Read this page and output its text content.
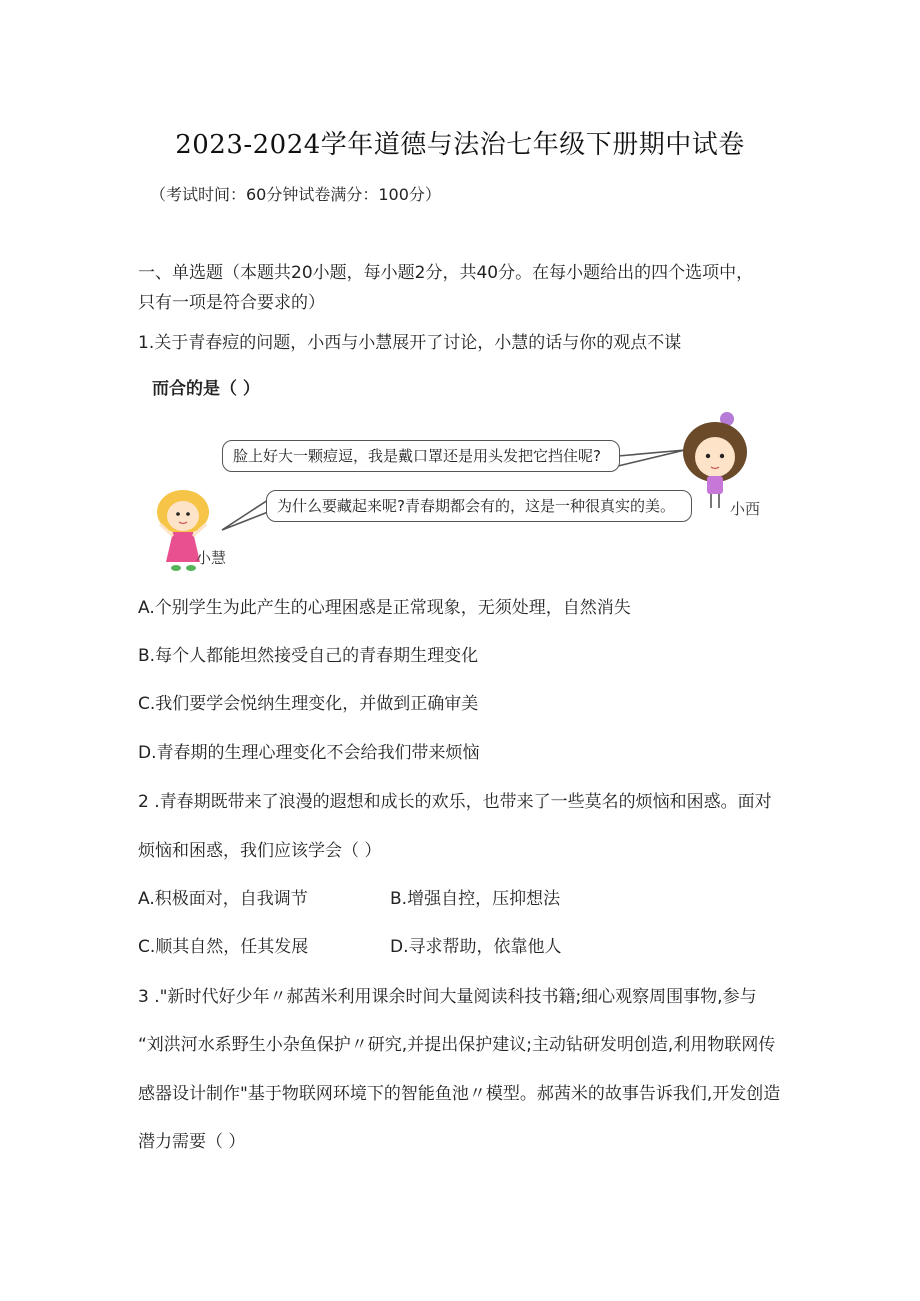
2023-2024学年道德与法治七年级下册期中试卷
（考试时间：60分钟试卷满分：100分）
一、单选题（本题共20小题，每小题2分，共40分。在每小题给出的四个选项中，
只有一项是符合要求的）
1.关于青春痘的问题，小西与小慧展开了讨论，小慧的话与你的观点不谋
而合的是（ ）
脸上好大一颗痘逗，我是戴口罩还是用头发把它挡住呢?
为什么要藏起来呢?青春期都会有的，这是一种很真实的美。	小西
小慧
A.个别学生为此产生的心理困惑是正常现象，无须处理，自然消失
B.每个人都能坦然接受自己的青春期生理变化
C.我们要学会悦纳生理变化，并做到正确审美
D.青春期的生理心理变化不会给我们带来烦恼
2 .青春期既带来了浪漫的遐想和成长的欢乐，也带来了一些莫名的烦恼和困惑。面对
烦恼和困惑，我们应该学会（ ）
A.积极面对，自我调节	B.增强自控，压抑想法
C.顺其自然，任其发展	D.寻求帮助，依靠他人
3 ."新时代好少年〃郝茜米利用课余时间大量阅读科技书籍;细心观察周围事物,参与
“刘洪河水系野生小杂鱼保护〃研究,并提出保护建议;主动钻研发明创造,利用物联网传
感器设计制作"基于物联网环境下的智能鱼池〃模型。郝茜米的故事告诉我们,开发创造
潜力需要（ ）
